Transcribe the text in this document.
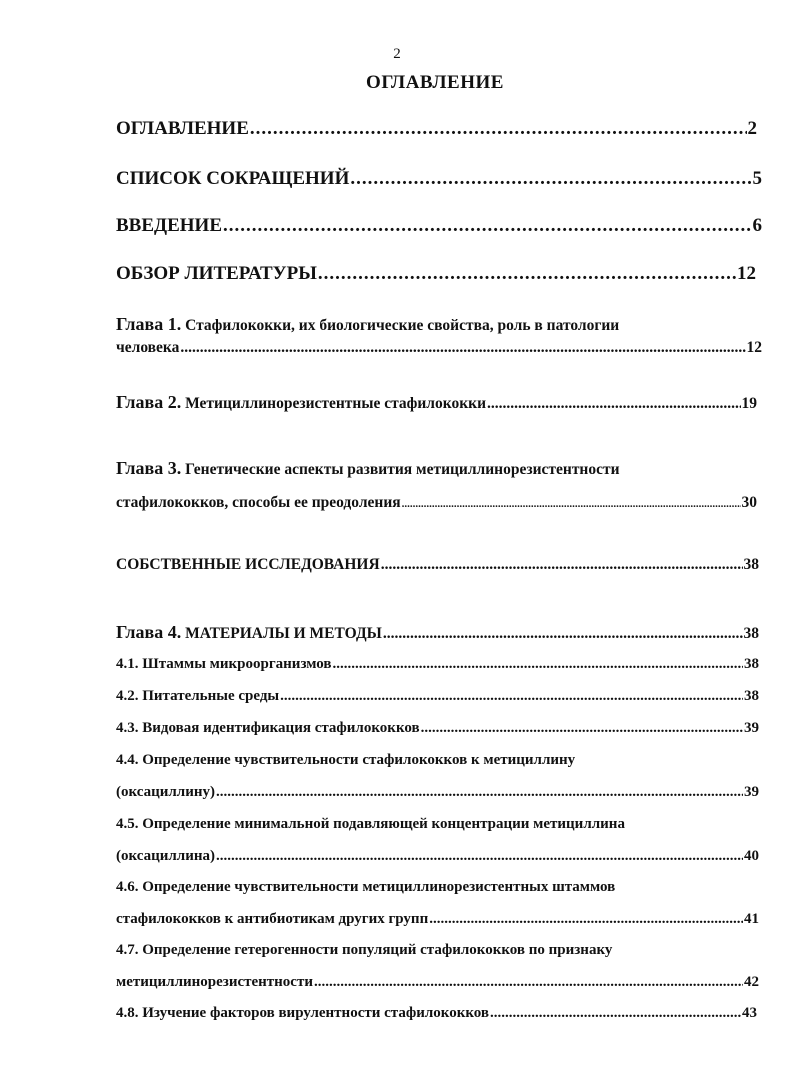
2
ОГЛАВЛЕНИЕ
ОГЛАВЛЕНИЕ .....	2
СПИСОК СОКРАЩЕНИЙ .....	5
ВВЕДЕНИЕ .....	6
ОБЗОР ЛИТЕРАТУРЫ .....	12
Глава 1. Стафилококки, их биологические свойства, роль в патологии
человека .....	12
Глава 2. Метициллинорезистентные стафилококки .....	19
Глава 3. Генетические аспекты развития метициллинорезистентности
стафилококков, способы ее преодоления .....	30
СОБСТВЕННЫЕ ИССЛЕДОВАНИЯ .....	38
Глава 4. МАТЕРИАЛЫ И МЕТОДЫ .....	38
4.1. Штаммы микроорганизмов .....	38
4.2. Питательные среды .....	38
4.3. Видовая идентификация стафилококков .....	39
4.4. Определение чувствительности стафилококков к метициллину
(оксациллину) .....	39
4.5. Определение минимальной подавляющей концентрации метициллина
(оксациллина) .....	40
4.6. Определение чувствительности метициллинорезистентных штаммов
стафилококков к антибиотикам других групп .....	41
4.7. Определение гетерогенности популяций стафилококков по признаку
метициллинорезистентности .....	42
4.8. Изучение факторов вирулентности стафилококков .....	43
